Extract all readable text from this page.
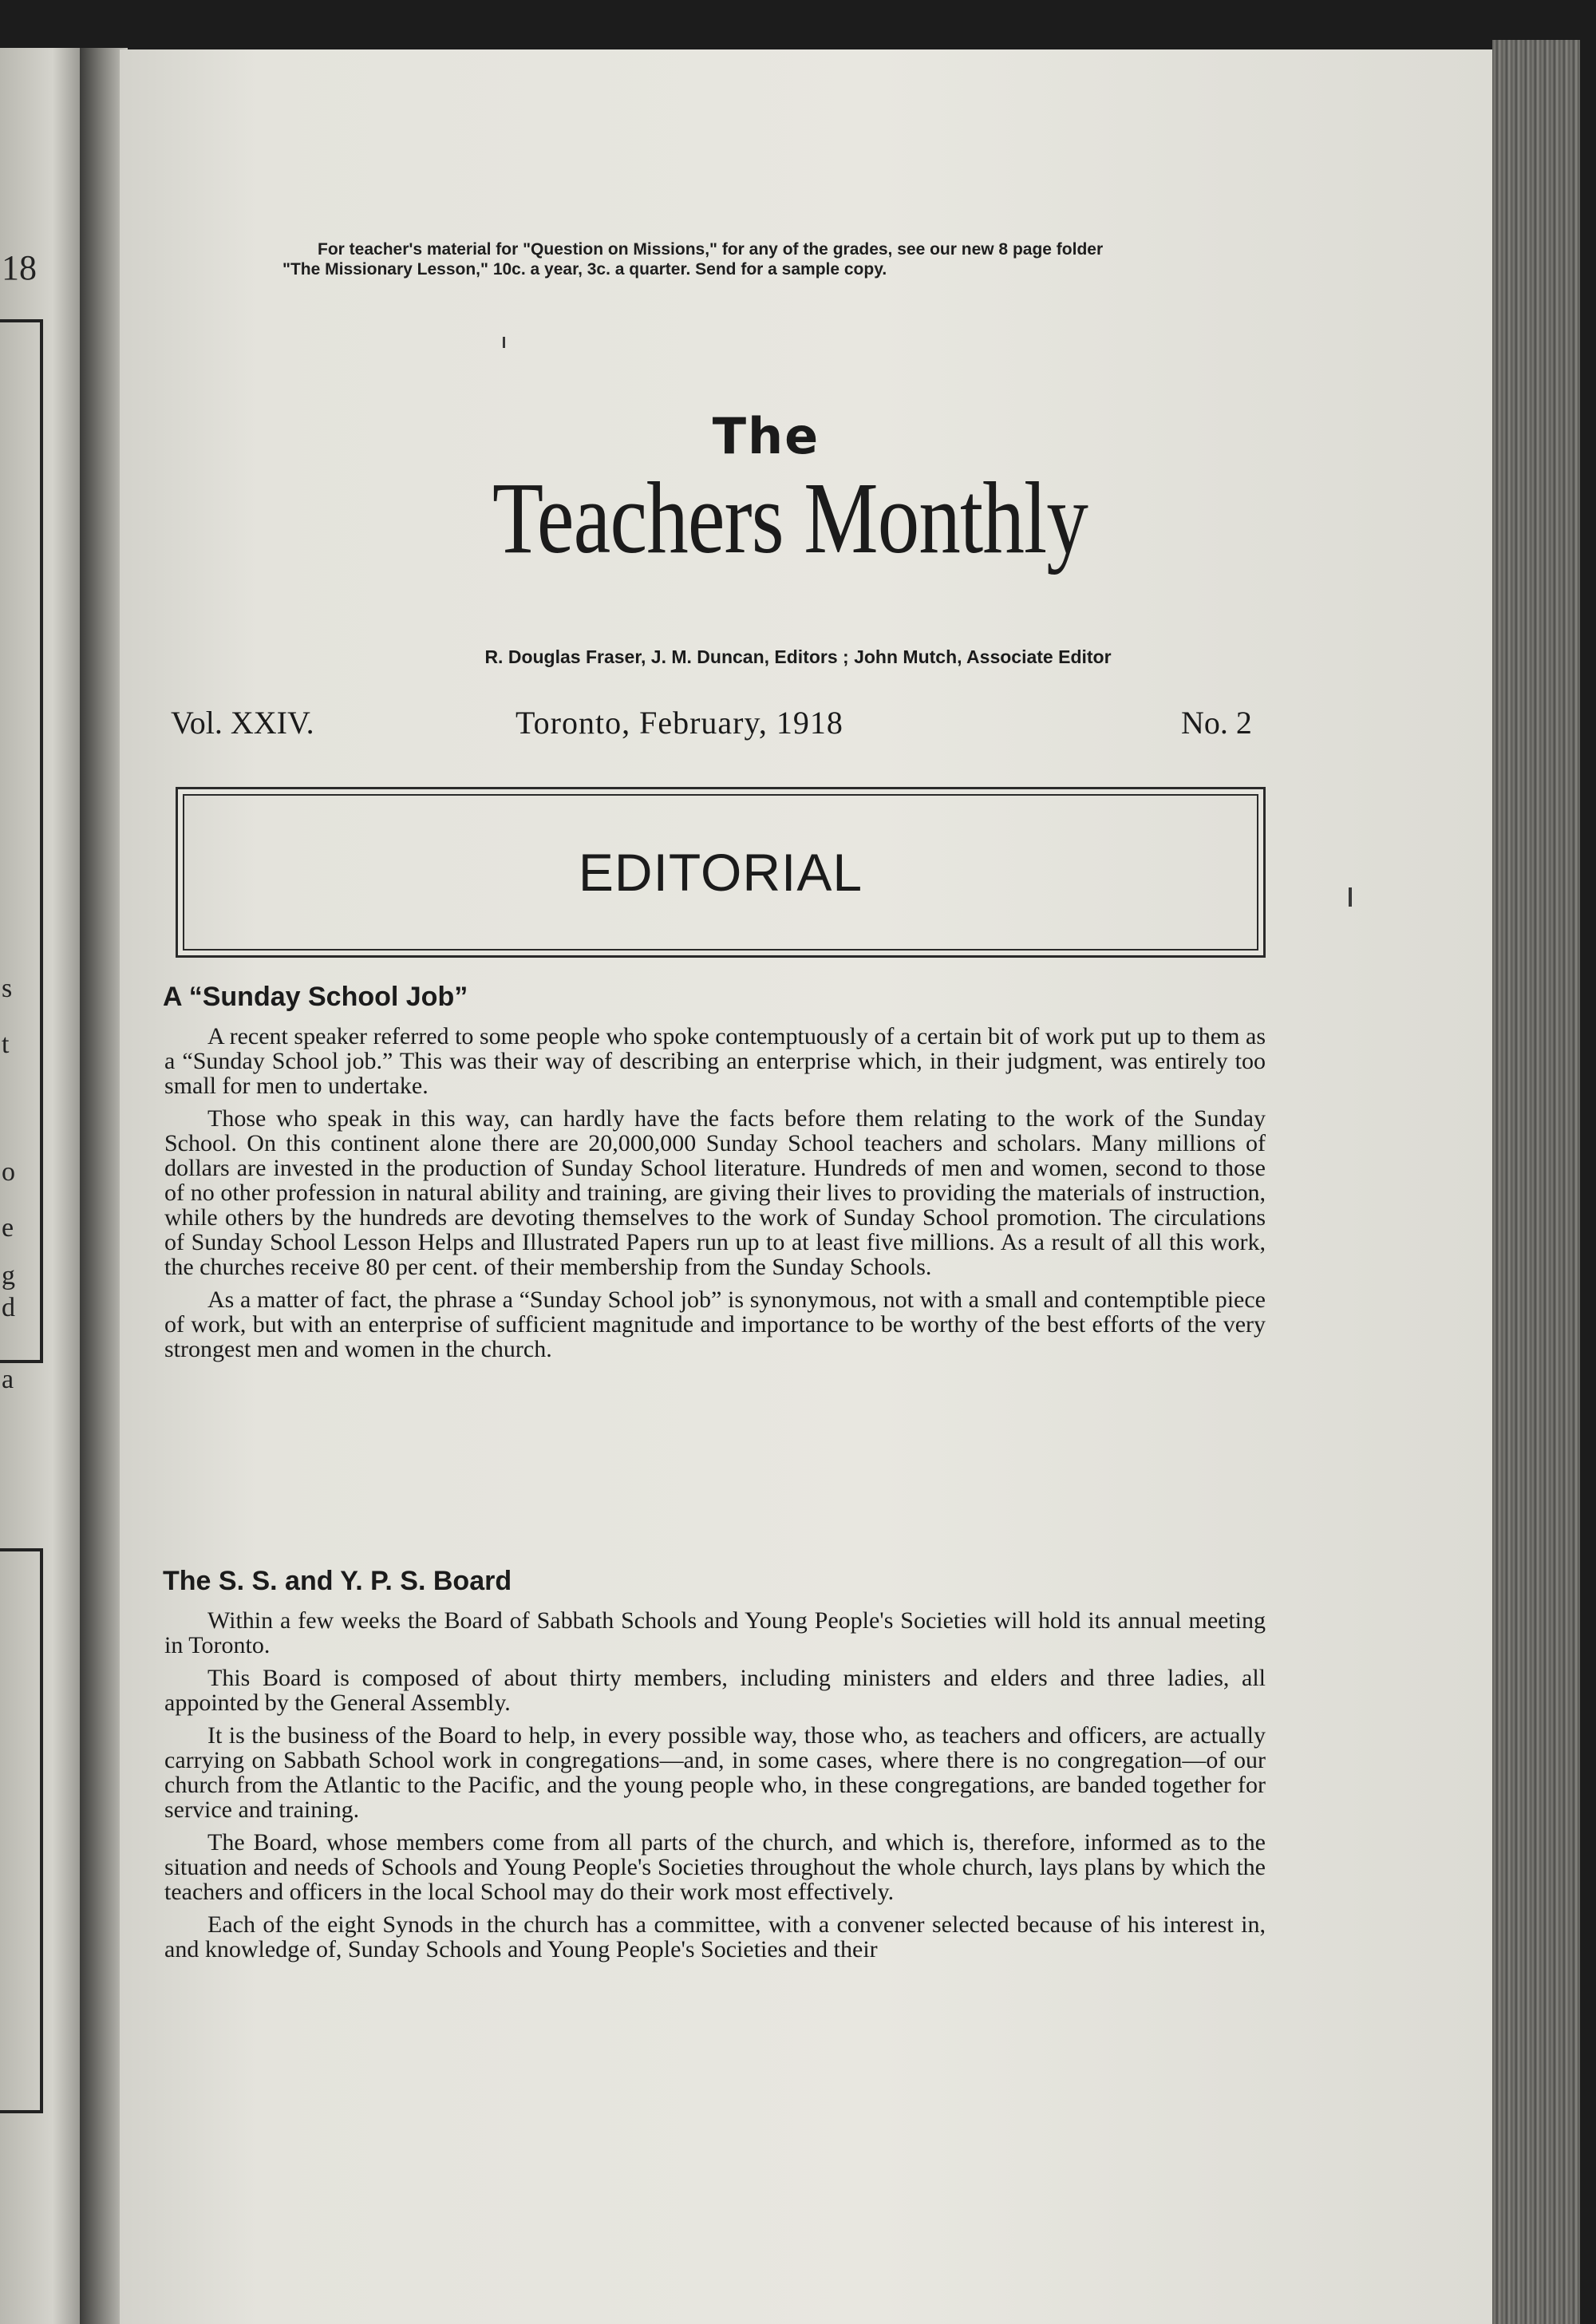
18
s
t
o
e
g
d
a
For teacher's material for "Question on Missions," for any of the grades, see our new 8 page folder
"The Missionary Lesson," 10c. a year, 3c. a quarter. Send for a sample copy.
The
Teachers Monthly
R. Douglas Fraser, J. M. Duncan, Editors ; John Mutch, Associate Editor
Vol. XXIV.	Toronto, February, 1918	No. 2
EDITORIAL
A “Sunday School Job”

A recent speaker referred to some people who spoke contemptuously of a certain bit of work put up to them as a “Sunday School job.” This was their way of describing an enterprise which, in their judgment, was entirely too small for men to undertake.

Those who speak in this way, can hardly have the facts before them relating to the work of the Sunday School. On this continent alone there are 20,000,000 Sunday School teachers and scholars. Many millions of dollars are invested in the production of Sunday School literature. Hundreds of men and women, second to those of no other profession in natural ability and training, are giving their lives to providing the materials of instruction, while others by the hundreds are devoting themselves to the work of Sunday School promotion. The circulations of Sunday School Lesson Helps and Illustrated Papers run up to at least five millions. As a result of all this work, the churches receive 80 per cent. of their membership from the Sunday Schools.

As a matter of fact, the phrase a “Sunday School job” is synonymous, not with a small and contemptible piece of work, but with an enterprise of sufficient magnitude and importance to be worthy of the best efforts of the very strongest men and women in the church.

The S. S. and Y. P. S. Board

Within a few weeks the Board of Sabbath Schools and Young People's Societies will hold its annual meeting in Toronto.

This Board is composed of about thirty members, including ministers and elders and three ladies, all appointed by the General Assembly.

It is the business of the Board to help, in every possible way, those who, as teachers and officers, are actually carrying on Sabbath School work in congregations—and, in some cases, where there is no congregation—of our church from the Atlantic to the Pacific, and the young people who, in these congregations, are banded together for service and training.

The Board, whose members come from all parts of the church, and which is, therefore, informed as to the situation and needs of Schools and Young People's Societies throughout the whole church, lays plans by which the teachers and officers in the local School may do their work most effectively.

Each of the eight Synods in the church has a committee, with a convener selected because of his interest in, and knowledge of, Sunday Schools and Young People's Societies and their
